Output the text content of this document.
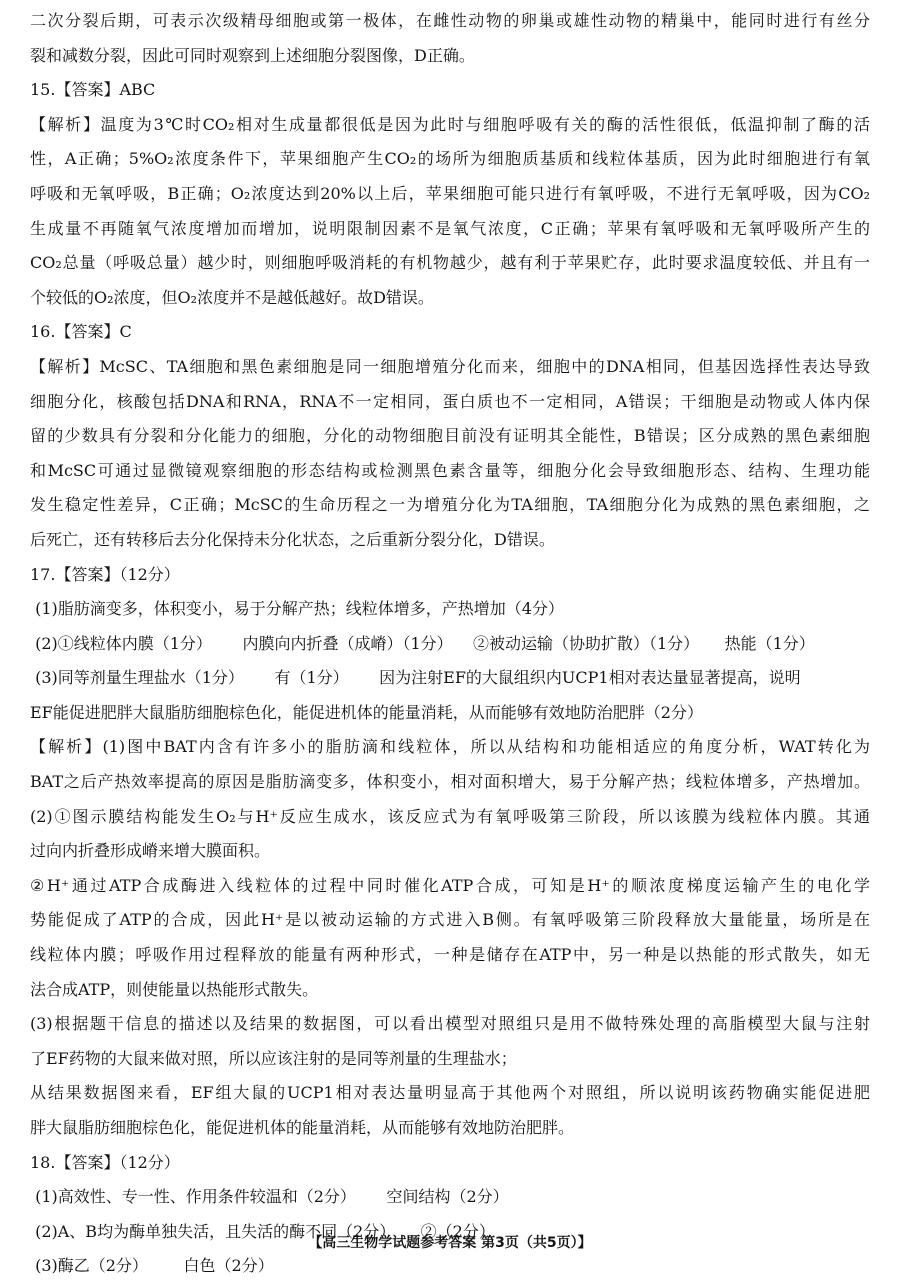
二次分裂后期，可表示次级精母细胞或第一极体，在雌性动物的卵巢或雄性动物的精巢中，能同时进行有丝分
裂和减数分裂，因此可同时观察到上述细胞分裂图像，D正确。
15.【答案】ABC
【解析】温度为3℃时CO₂相对生成量都很低是因为此时与细胞呼吸有关的酶的活性很低，低温抑制了酶的活
性，A正确；5%O₂浓度条件下，苹果细胞产生CO₂的场所为细胞质基质和线粒体基质，因为此时细胞进行有氧
呼吸和无氧呼吸，B正确；O₂浓度达到20%以上后，苹果细胞可能只进行有氧呼吸，不进行无氧呼吸，因为CO₂
生成量不再随氧气浓度增加而增加，说明限制因素不是氧气浓度，C正确；苹果有氧呼吸和无氧呼吸所产生的
CO₂总量（呼吸总量）越少时，则细胞呼吸消耗的有机物越少，越有利于苹果贮存，此时要求温度较低、并且有一
个较低的O₂浓度，但O₂浓度并不是越低越好。故D错误。
16.【答案】C
【解析】McSC、TA细胞和黑色素细胞是同一细胞增殖分化而来，细胞中的DNA相同，但基因选择性表达导致
细胞分化，核酸包括DNA和RNA，RNA不一定相同，蛋白质也不一定相同，A错误；干细胞是动物或人体内保
留的少数具有分裂和分化能力的细胞，分化的动物细胞目前没有证明其全能性，B错误；区分成熟的黑色素细胞
和McSC可通过显微镜观察细胞的形态结构或检测黑色素含量等，细胞分化会导致细胞形态、结构、生理功能
发生稳定性差异，C正确；McSC的生命历程之一为增殖分化为TA细胞，TA细胞分化为成熟的黑色素细胞，之
后死亡，还有转移后去分化保持未分化状态，之后重新分裂分化，D错误。
17.【答案】（12分）
(1)脂肪滴变多，体积变小，易于分解产热；线粒体增多，产热增加（4分）
(2)①线粒体内膜（1分）      内膜向内折叠（成嵴）（1分）    ②被动运输（协助扩散）（1分）     热能（1分）
(3)同等剂量生理盐水（1分）      有（1分）      因为注射EF的大鼠组织内UCP1相对表达量显著提高，说明
EF能促进肥胖大鼠脂肪细胞棕色化，能促进机体的能量消耗，从而能够有效地防治肥胖（2分）
【解析】(1)图中BAT内含有许多小的脂肪滴和线粒体，所以从结构和功能相适应的角度分析，WAT转化为
BAT之后产热效率提高的原因是脂肪滴变多，体积变小，相对面积增大，易于分解产热；线粒体增多，产热增加。
(2)①图示膜结构能发生O₂与H⁺反应生成水，该反应式为有氧呼吸第三阶段，所以该膜为线粒体内膜。其通
过向内折叠形成嵴来增大膜面积。
②H⁺通过ATP合成酶进入线粒体的过程中同时催化ATP合成，可知是H⁺的顺浓度梯度运输产生的电化学
势能促成了ATP的合成，因此H⁺是以被动运输的方式进入B侧。有氧呼吸第三阶段释放大量能量，场所是在
线粒体内膜；呼吸作用过程释放的能量有两种形式，一种是储存在ATP中，另一种是以热能的形式散失，如无
法合成ATP，则使能量以热能形式散失。
(3)根据题干信息的描述以及结果的数据图，可以看出模型对照组只是用不做特殊处理的高脂模型大鼠与注射
了EF药物的大鼠来做对照，所以应该注射的是同等剂量的生理盐水；
从结果数据图来看，EF组大鼠的UCP1相对表达量明显高于其他两个对照组，所以说明该药物确实能促进肥
胖大鼠脂肪细胞棕色化，能促进机体的能量消耗，从而能够有效地防治肥胖。
18.【答案】（12分）
(1)高效性、专一性、作用条件较温和（2分）      空间结构（2分）
(2)A、B均为酶单独失活，且失活的酶不同（2分）     ②（2分）
(3)酶乙（2分）       白色（2分）
【高三生物学试题参考答案 第3页（共5页）】
